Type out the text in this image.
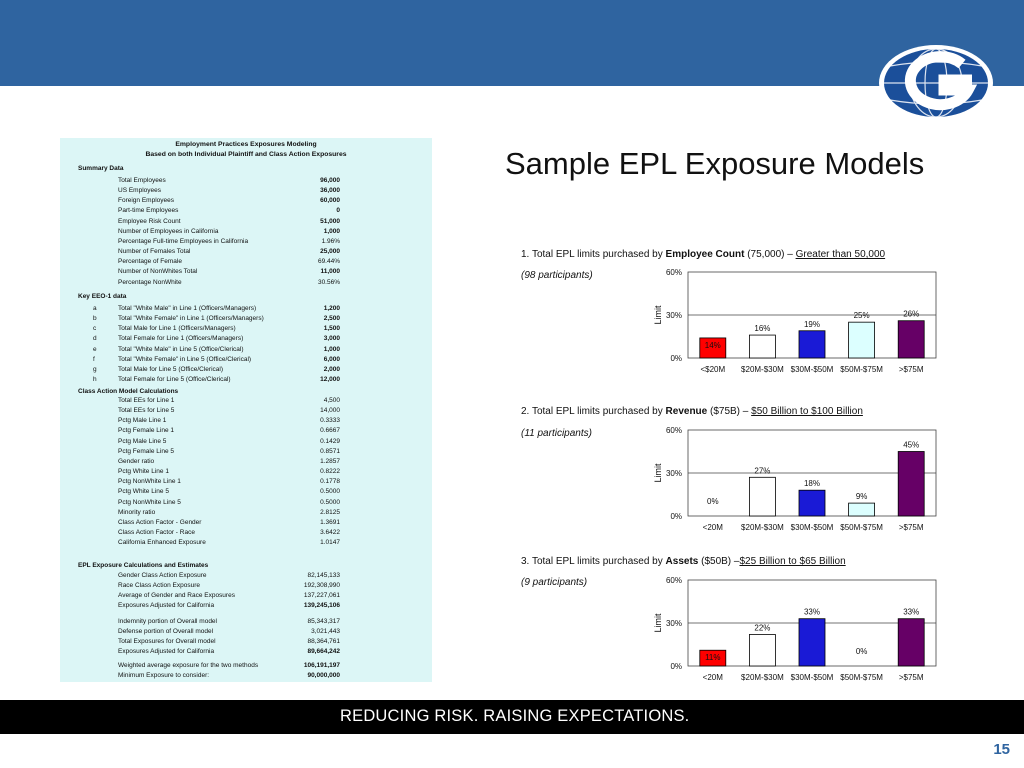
Sample EPL Exposure Models
Employment Practices Exposures Modeling
Based on both Individual Plaintiff and Class Action Exposures
Summary Data
Total Employees	96,000
US Employees	36,000
Foreign Employees	60,000
Part-time Employees	0
Employee Risk Count	51,000
Number of Employees in California	1,000
Percentage Full-time Employees in California	1.96%
Number of Females Total	25,000
Percentage of Female	69.44%
Number of NonWhites Total	11,000
Percentage NonWhite	30.56%
Key EEO-1 data
a	Total "White Male" in Line 1 (Officers/Managers)	1,200
b	Total "White Female" in Line 1 (Officers/Managers)	2,500
c	Total Male for Line 1 (Officers/Managers)	1,500
d	Total Female for Line 1 (Officers/Managers)	3,000
e	Total "White Male" in Line 5 (Office/Clerical)	1,000
f	Total "White Female" in Line 5 (Office/Clerical)	6,000
g	Total Male for Line 5 (Office/Clerical)	2,000
h	Total Female for Line 5 (Office/Clerical)	12,000
Class Action Model Calculations
Total EEs for Line 1	4,500
Total EEs for Line 5	14,000
Pctg Male Line 1	0.3333
Pctg Female Line 1	0.6667
Pctg Male Line 5	0.1429
Pctg Female Line 5	0.8571
Gender ratio	1.2857
Pctg White Line 1	0.8222
Pctg NonWhite Line 1	0.1778
Pctg White Line 5	0.5000
Pctg NonWhite Line 5	0.5000
Minority ratio	2.8125
Class Action Factor - Gender	1.3691
Class Action Factor - Race	3.6422
California Enhanced Exposure	1.0147
EPL Exposure Calculations and Estimates
Gender Class Action Exposure	82,145,133
Race Class Action Exposure	192,308,990
Average of Gender and Race Exposures	137,227,061
Exposures Adjusted for California	139,245,106
Indemnity portion of Overall model	85,343,317
Defense portion of Overall model	3,021,443
Total Exposures for Overall model	88,364,761
Exposures Adjusted for California	89,664,242
Weighted average exposure for the two methods	106,191,197
Minimum Exposure to consider:	90,000,000
1. Total EPL limits purchased by Employee Count (75,000) – Greater than 50,000
(98 participants)
0%
30%
60%
Limit
14%
<$20M
16%
$20M-$30M
19%
$30M-$50M
25%
$50M-$75M
26%
>$75M
2. Total EPL limits purchased by Revenue ($75B) – $50 Billion to $100 Billion
(11 participants)
0%
30%
60%
Limit
0%
<20M
27%
$20M-$30M
18%
$30M-$50M
9%
$50M-$75M
45%
>$75M
3. Total EPL limits purchased by Assets ($50B) –$25 Billion to $65 Billion
(9 participants)
0%
30%
60%
Limit
11%
<20M
22%
$20M-$30M
33%
$30M-$50M
0%
$50M-$75M
33%
>$75M
REDUCING RISK. RAISING EXPECTATIONS.
15
